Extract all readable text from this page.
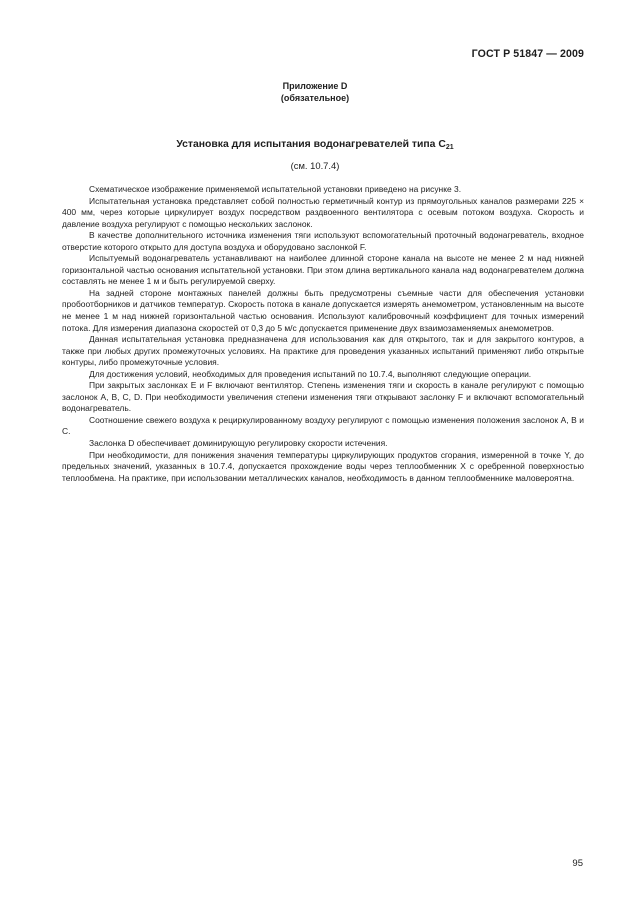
ГОСТ Р 51847 — 2009
Приложение D
(обязательное)
Установка для испытания водонагревателей типа $С_{21}$
(см. 10.7.4)

Схематическое изображение применяемой испытательной установки приведено на рисунке 3.

Испытательная установка представляет собой полностью герметичный контур из прямоугольных каналов размерами 225 × 400 мм, через которые циркулирует воздух посредством раздвоенного вентилятора с осевым потоком воздуха. Скорость и давление воздуха регулируют с помощью нескольких заслонок.

В качестве дополнительного источника изменения тяги используют вспомогательный проточный водонагреватель, входное отверстие которого открыто для доступа воздуха и оборудовано заслонкой F.

Испытуемый водонагреватель устанавливают на наиболее длинной стороне канала на высоте не менее 2 м над нижней горизонтальной частью основания испытательной установки. При этом длина вертикального канала над водонагревателем должна составлять не менее 1 м и быть регулируемой сверху.

На задней стороне монтажных панелей должны быть предусмотрены съемные части для обеспечения установки пробоотборников и датчиков температур. Скорость потока в канале допускается измерять анемометром, установленным на высоте не менее 1 м над нижней горизонтальной частью основания. Используют калибровочный коэффициент для точных измерений потока. Для измерения диапазона скоростей от 0,3 до 5 м/с допускается применение двух взаимозаменяемых анемометров.

Данная испытательная установка предназначена для использования как для открытого, так и для закрытого контуров, а также при любых других промежуточных условиях. На практике для проведения указанных испытаний применяют либо открытые контуры, либо промежуточные условия.

Для достижения условий, необходимых для проведения испытаний по 10.7.4, выполняют следующие операции.

При закрытых заслонках E и F включают вентилятор. Степень изменения тяги и скорость в канале регулируют с помощью заслонок A, B, C, D. При необходимости увеличения степени изменения тяги открывают заслонку F и включают вспомогательный водонагреватель.

Соотношение свежего воздуха к рециркулированному воздуху регулируют с помощью изменения положения заслонок A, B и C.

Заслонка D обеспечивает доминирующую регулировку скорости истечения.

При необходимости, для понижения значения температуры циркулирующих продуктов сгорания, измеренной в точке Y, до предельных значений, указанных в 10.7.4, допускается прохождение воды через теплообменник X с оребренной поверхностью теплообмена. На практике, при использовании металлических каналов, необходимость в данном теплообменнике маловероятна.

95
